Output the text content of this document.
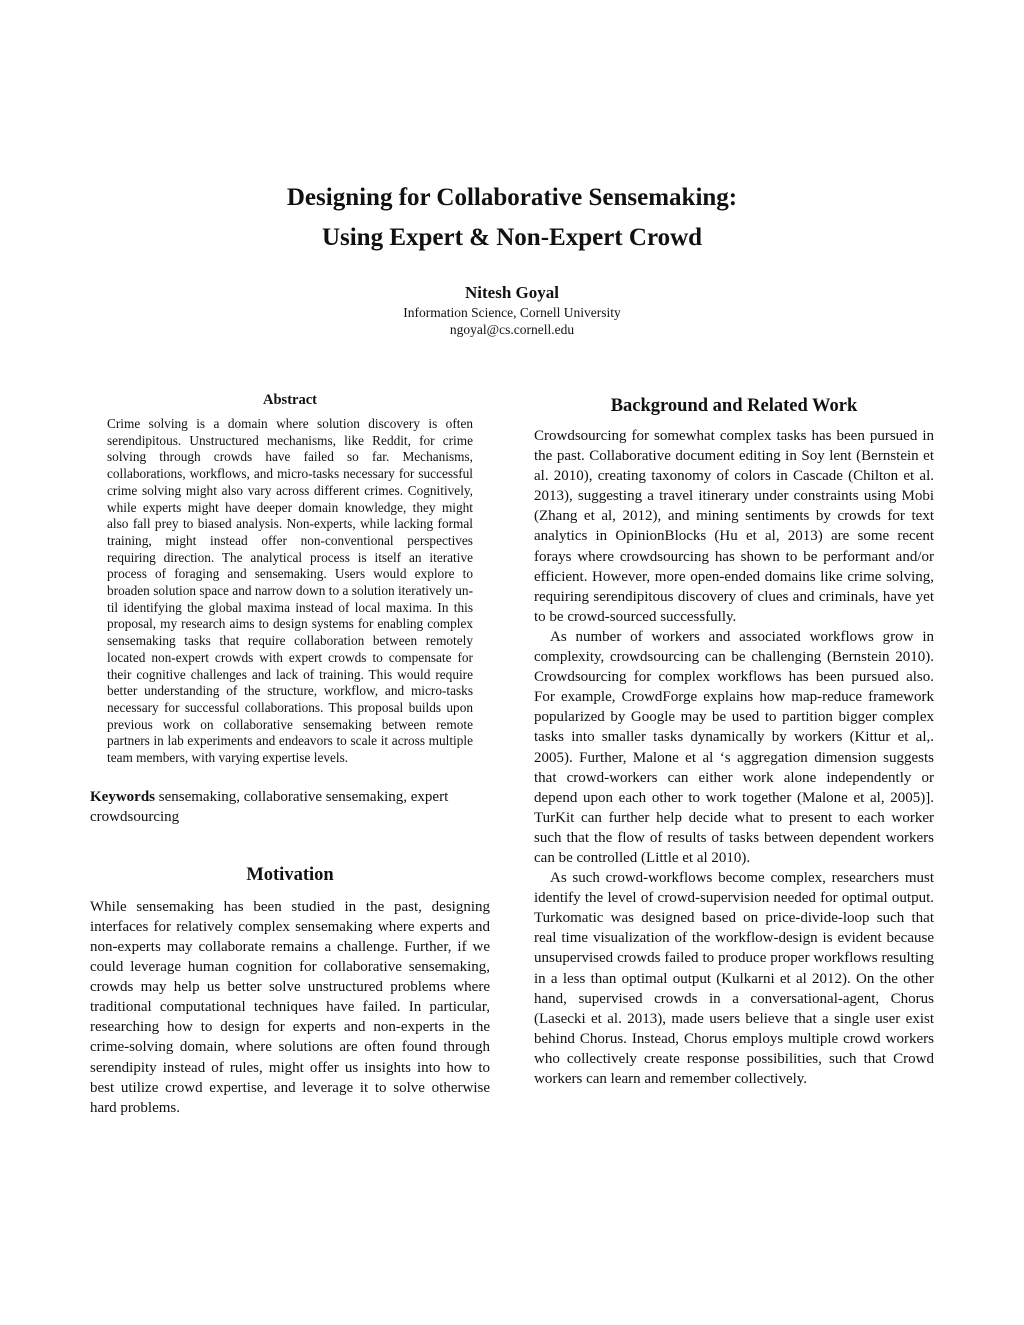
Designing for Collaborative Sensemaking:

Using Expert & Non-Expert Crowd

Nitesh Goyal
Information Science, Cornell University
ngoyal@cs.cornell.edu

Abstract

Crime solving is a domain where solution discovery is often serendipitous. Unstructured mechanisms, like Reddit, for crime solving through crowds have failed so far. Mechanisms, collaborations, workflows, and micro-tasks necessary for successful crime solving might also vary across different crimes. Cognitively, while experts might have deeper domain knowledge, they might also fall prey to biased analysis. Non-experts, while lacking formal training, might instead offer non-conventional perspectives requiring direction. The analytical process is itself an iterative process of foraging and sensemaking. Users would explore to broaden solution space and narrow down to a solution iteratively until identifying the global maxima instead of local maxima. In this proposal, my research aims to design systems for enabling complex sensemaking tasks that require collaboration between remotely located non-expert crowds with expert crowds to compensate for their cognitive challenges and lack of training. This would require better understanding of the structure, workflow, and micro-tasks necessary for successful collaborations. This proposal builds upon previous work on collaborative sensemaking between remote partners in lab experiments and endeavors to scale it across multiple team members, with varying expertise levels.

Keywords sensemaking, collaborative sensemaking, expert crowdsourcing

Motivation

While sensemaking has been studied in the past, designing interfaces for relatively complex sensemaking where experts and non-experts may collaborate remains a challenge. Further, if we could leverage human cognition for collaborative sensemaking, crowds may help us better solve unstructured problems where traditional computational techniques have failed. In particular, researching how to design for experts and non-experts in the crime-solving domain, where solutions are often found through serendipity instead of rules, might offer us insights into how to best utilize crowd expertise, and leverage it to solve otherwise hard problems.

Background and Related Work

Crowdsourcing for somewhat complex tasks has been pursued in the past. Collaborative document editing in Soy lent (Bernstein et al. 2010), creating taxonomy of colors in Cascade (Chilton et al. 2013), suggesting a travel itinerary under constraints using Mobi (Zhang et al, 2012), and mining sentiments by crowds for text analytics in OpinionBlocks (Hu et al, 2013) are some recent forays where crowdsourcing has shown to be performant and/or efficient. However, more open-ended domains like crime solving, requiring serendipitous discovery of clues and criminals, have yet to be crowd-sourced successfully.

As number of workers and associated workflows grow in complexity, crowdsourcing can be challenging (Bernstein 2010). Crowdsourcing for complex workflows has been pursued also. For example, CrowdForge explains how map-reduce framework popularized by Google may be used to partition bigger complex tasks into smaller tasks dynamically by workers (Kittur et al,. 2005). Further, Malone et al ‘s aggregation dimension suggests that crowd-workers can either work alone independently or depend upon each other to work together (Malone et al, 2005)]. TurKit can further help decide what to present to each worker such that the flow of results of tasks between dependent workers can be controlled (Little et al 2010).

As such crowd-workflows become complex, researchers must identify the level of crowd-supervision needed for optimal output. Turkomatic was designed based on price-divide-loop such that real time visualization of the workflow-design is evident because unsupervised crowds failed to produce proper workflows resulting in a less than optimal output (Kulkarni et al 2012). On the other hand, supervised crowds in a conversational-agent, Chorus (Lasecki et al. 2013), made users believe that a single user exist behind Chorus. Instead, Chorus employs multiple crowd workers who collectively create response possibilities, such that Crowd workers can learn and remember collectively.
